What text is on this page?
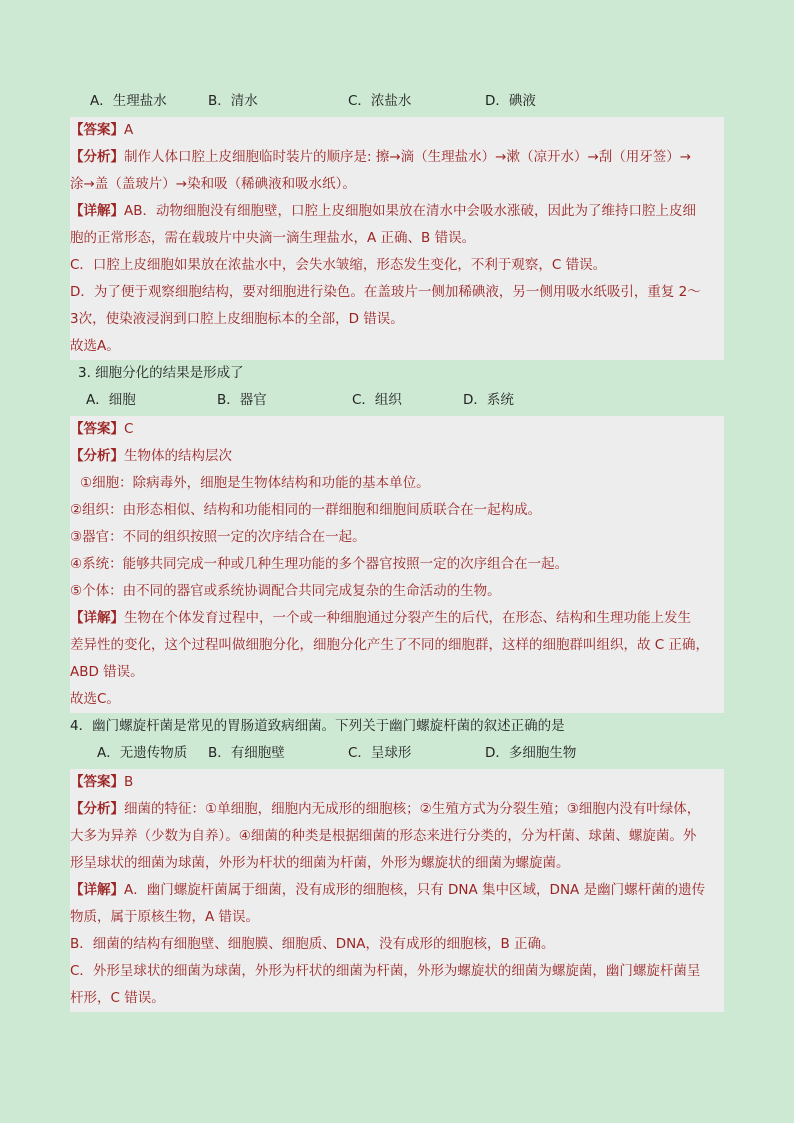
A．生理盐水	B．清水	C．浓盐水	D．碘液
【答案】A
【分析】制作人体口腔上皮细胞临时装片的顺序是: 擦→滴（生理盐水）→漱（凉开水）→刮（用牙签）→
涂→盖（盖玻片）→染和吸（稀碘液和吸水纸）。
【详解】AB．动物细胞没有细胞壁，口腔上皮细胞如果放在清水中会吸水涨破，因此为了维持口腔上皮细
胞的正常形态，需在载玻片中央滴一滴生理盐水，A 正确、B 错误。
C．口腔上皮细胞如果放在浓盐水中，会失水皱缩，形态发生变化，不利于观察，C 错误。
D．为了便于观察细胞结构，要对细胞进行染色。在盖玻片一侧加稀碘液，另一侧用吸水纸吸引，重复 2～
3次，使染液浸润到口腔上皮细胞标本的全部，D 错误。
故选A。
3. 细胞分化的结果是形成了
A．细胞	B．器官	C．组织	D．系统
【答案】C
【分析】生物体的结构层次
①细胞：除病毒外，细胞是生物体结构和功能的基本单位。
②组织：由形态相似、结构和功能相同的一群细胞和细胞间质联合在一起构成。
③器官：不同的组织按照一定的次序结合在一起。
④系统：能够共同完成一种或几种生理功能的多个器官按照一定的次序组合在一起。
⑤个体：由不同的器官或系统协调配合共同完成复杂的生命活动的生物。
【详解】生物在个体发育过程中，一个或一种细胞通过分裂产生的后代，在形态、结构和生理功能上发生
差异性的变化，这个过程叫做细胞分化，细胞分化产生了不同的细胞群，这样的细胞群叫组织，故 C 正确，
ABD 错误。
故选C。
4．幽门螺旋杆菌是常见的胃肠道致病细菌。下列关于幽门螺旋杆菌的叙述正确的是
A．无遗传物质 B．有细胞壁	C．呈球形	D．多细胞生物
【答案】B
【分析】细菌的特征：①单细胞，细胞内无成形的细胞核；②生殖方式为分裂生殖；③细胞内没有叶绿体，
大多为异养（少数为自养）。④细菌的种类是根据细菌的形态来进行分类的，分为杆菌、球菌、螺旋菌。外
形呈球状的细菌为球菌，外形为杆状的细菌为杆菌，外形为螺旋状的细菌为螺旋菌。
【详解】A．幽门螺旋杆菌属于细菌，没有成形的细胞核，只有 DNA 集中区域，DNA 是幽门螺杆菌的遗传
物质，属于原核生物，A 错误。
B．细菌的结构有细胞壁、细胞膜、细胞质、DNA，没有成形的细胞核，B 正确。
C．外形呈球状的细菌为球菌，外形为杆状的细菌为杆菌，外形为螺旋状的细菌为螺旋菌，幽门螺旋杆菌呈
杆形，C 错误。
